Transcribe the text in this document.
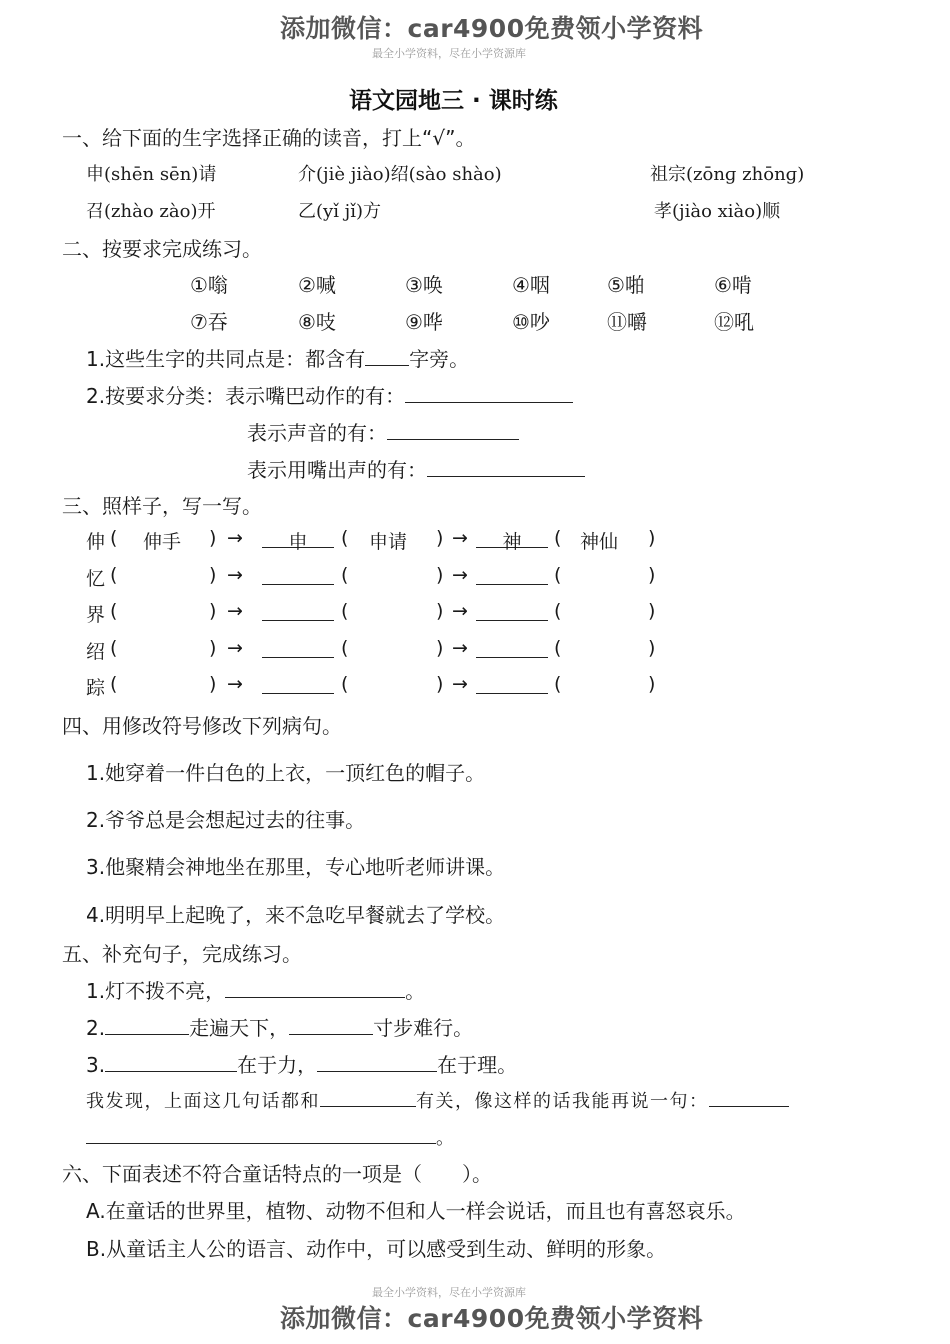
添加微信：car4900免费领小学资料
最全小学资料，尽在小学资源库
语文园地三 · 课时练
一、给下面的生字选择正确的读音，打上“√”。
申(shēn sēn)请	介(jiè jiào)绍(sào shào)	祖宗(zōnɡ zhōnɡ)
召(zhào zào)开	乙(yǐ jǐ)方	孝(jiào xiào)顺
二、按要求完成练习。
①嗡	②喊	③唤	④咽	⑤啪	⑥啃
⑦吞	⑧吱	⑨哗	⑩吵	⑪嚼	⑫吼
1.这些生字的共同点是：都含有 字旁。
2.按要求分类：表示嘴巴动作的有：
表示声音的有：
表示用嘴出声的有：
三、照样子，写一写。
伸 ( 伸手 ) →	申	( 申请 ) →	神	( 神仙 )
忆 (	) →	(	) →	(	)
界 (	) →	(	) →	(	)
绍 (	) →	(	) →	(	)
踪 (	) →	(	) →	(	)
四、用修改符号修改下列病句。
1.她穿着一件白色的上衣，一顶红色的帽子。
2.爷爷总是会想起过去的往事。
3.他聚精会神地坐在那里，专心地听老师讲课。
4.明明早上起晚了，来不急吃早餐就去了学校。
五、补充句子，完成练习。
1.灯不拨不亮，	。
2.	走遍天下，	寸步难行。
3.	在于力，	在于理。
我发现，上面这几句话都和	有关，像这样的话我能再说一句：
。
六、下面表述不符合童话特点的一项是（　　）。
A.在童话的世界里，植物、动物不但和人一样会说话，而且也有喜怒哀乐。
B.从童话主人公的语言、动作中，可以感受到生动、鲜明的形象。
最全小学资料，尽在小学资源库
添加微信：car4900免费领小学资料
